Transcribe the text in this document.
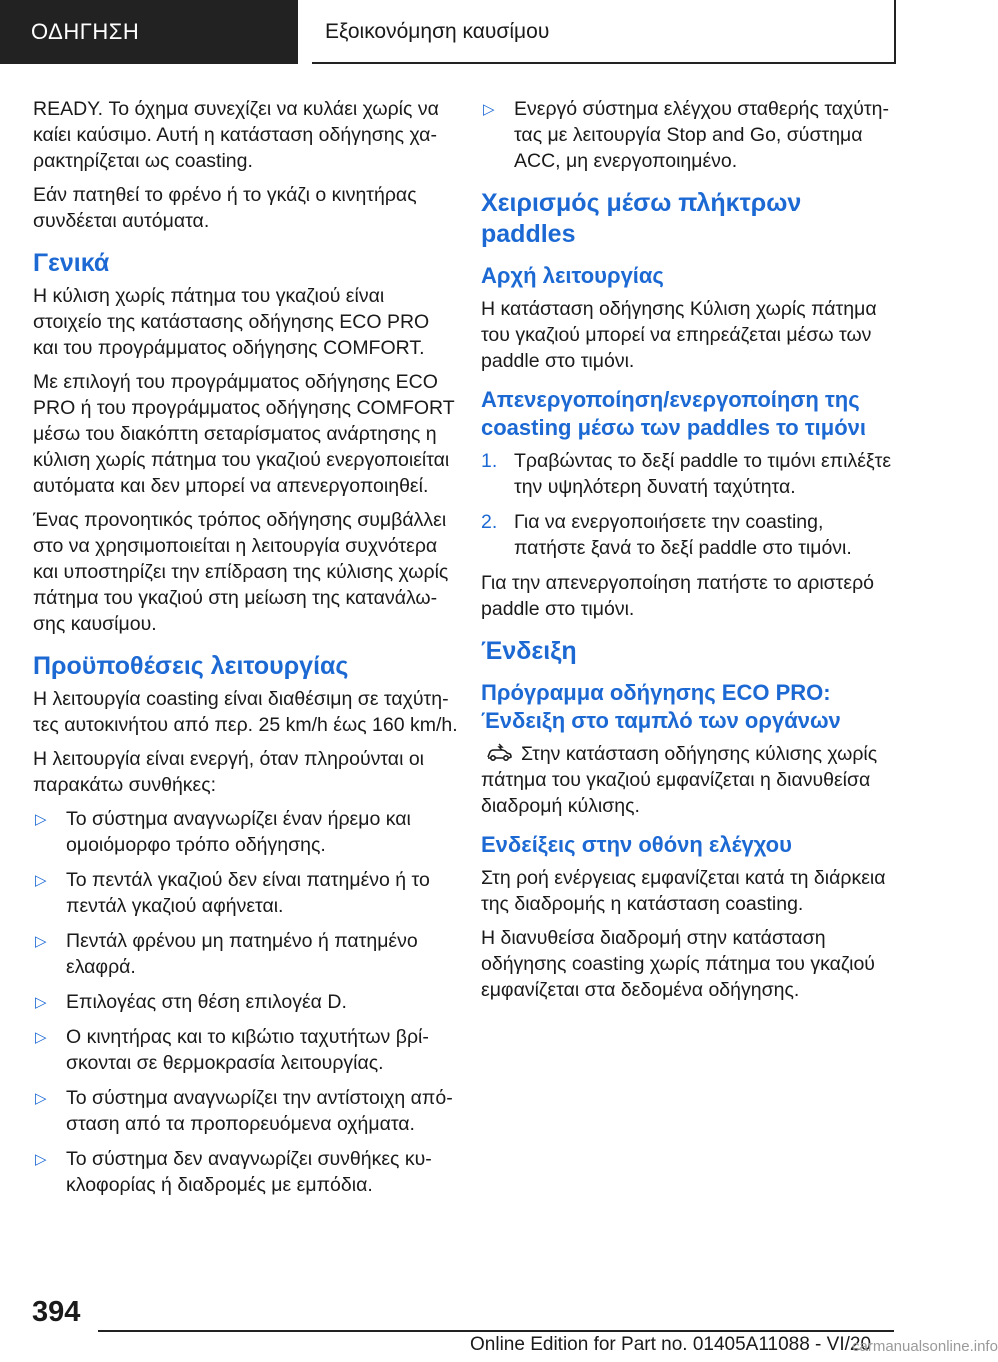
ΟΔΗΓΗΣΗ	Εξοικονόμηση καυσίμου

READY. Το όχημα συνεχίζει να κυλάει χωρίς να καίει καύσιμο. Αυτή η κατάσταση οδήγησης χα‐ρακτηρίζεται ως coasting.

Εάν πατηθεί το φρένο ή το γκάζι ο κινητήρας συνδέεται αυτόματα.

Γενικά

Η κύλιση χωρίς πάτημα του γκαζιού είναι στοιχείο της κατάστασης οδήγησης ECO PRO και του προγράμματος οδήγησης COMFORT.

Με επιλογή του προγράμματος οδήγησης ECO PRO ή του προγράμματος οδήγησης COMFORT μέσω του διακόπτη σεταρίσματος ανάρτησης η κύλιση χωρίς πάτημα του γκαζιού ενεργοποιείται αυτόματα και δεν μπορεί να απενεργοποιηθεί.

Ένας προνοητικός τρόπος οδήγησης συμβάλλει στο να χρησιμοποιείται η λειτουργία συχνότερα και υποστηρίζει την επίδραση της κύλισης χωρίς πάτημα του γκαζιού στη μείωση της κατανάλω‐σης καυσίμου.

Προϋποθέσεις λειτουργίας

Η λειτουργία coasting είναι διαθέσιμη σε ταχύτη‐τες αυτοκινήτου από περ. 25 km/h έως 160 km/h.

Η λειτουργία είναι ενεργή, όταν πληρούνται οι παρακάτω συνθήκες:

▷ Το σύστημα αναγνωρίζει έναν ήρεμο και ομοιόμορφο τρόπο οδήγησης.
▷ Το πεντάλ γκαζιού δεν είναι πατημένο ή το πεντάλ γκαζιού αφήνεται.
▷ Πεντάλ φρένου μη πατημένο ή πατημένο ελαφρά.
▷ Επιλογέας στη θέση επιλογέα D.
▷ Ο κινητήρας και το κιβώτιο ταχυτήτων βρί‐σκονται σε θερμοκρασία λειτουργίας.
▷ Το σύστημα αναγνωρίζει την αντίστοιχη από‐σταση από τα προπορευόμενα οχήματα.
▷ Το σύστημα δεν αναγνωρίζει συνθήκες κυ‐κλοφορίας ή διαδρομές με εμπόδια.
▷ Ενεργό σύστημα ελέγχου σταθερής ταχύτη‐τας με λειτουργία Stop and Go, σύστημα ACC, μη ενεργοποιημένο.
Χειρισμός μέσω πλήκτρων paddles
Αρχή λειτουργίας

Η κατάσταση οδήγησης Κύλιση χωρίς πάτημα του γκαζιού μπορεί να επηρεάζεται μέσω των paddle στο τιμόνι.

Απενεργοποίηση/ενεργοποίηση της coasting μέσω των paddles το τιμόνι
1. Τραβώντας το δεξί paddle το τιμόνι επιλέξτε την υψηλότερη δυνατή ταχύτητα.
2. Για να ενεργοποιήσετε την coasting, πατήστε ξανά το δεξί paddle στο τιμόνι.

Για την απενεργοποίηση πατήστε το αριστερό paddle στο τιμόνι.

Ένδειξη
Πρόγραμμα οδήγησης ECO PRO: Ένδειξη στο ταμπλό των οργάνων

Στην κατάσταση οδήγησης κύλισης χωρίς πάτημα του γκαζιού εμφανίζεται η διανυθείσα διαδρομή κύλισης.

Ενδείξεις στην οθόνη ελέγχου

Στη ροή ενέργειας εμφανίζεται κατά τη διάρκεια της διαδρομής η κατάσταση coasting.

Η διανυθείσα διαδρομή στην κατάσταση οδήγησης coasting χωρίς πάτημα του γκαζιού εμφανίζεται στα δεδομένα οδήγησης.

394
Online Edition for Part no. 01405A11088 - VI/20
carmanualsonline.info
